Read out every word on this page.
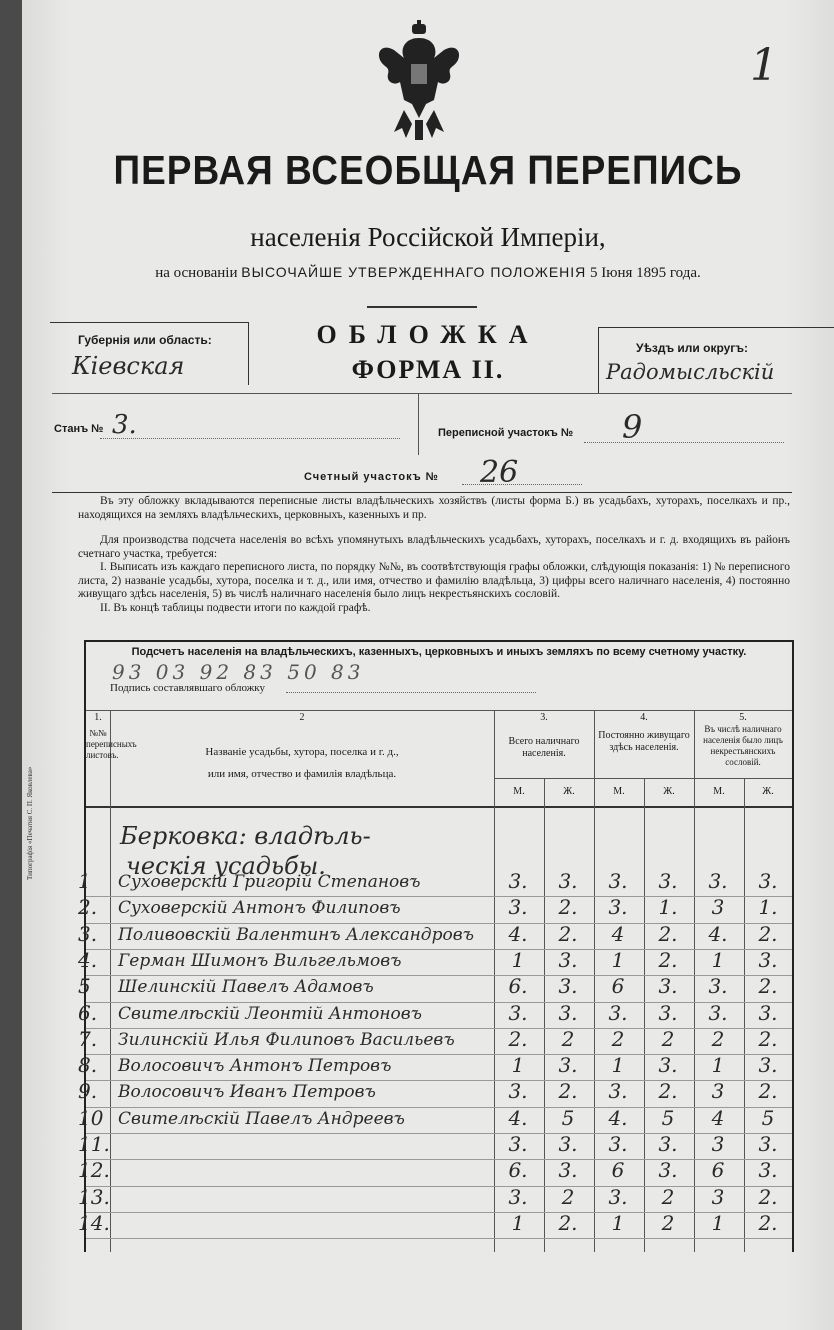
1
ПЕРВАЯ ВСЕОБЩАЯ ПЕРЕПИСЬ
населенія Россійской Имперіи,
на основаніи ВЫСОЧАЙШЕ УТВЕРЖДЕННАГО ПОЛОЖЕНІЯ 5 Іюня 1895 года.
ОБЛОЖКА
ФОРМА II.
Губернія или область:
Кіевская
Уѣздъ или округъ:
Радомысльскій
Станъ № 3.	Переписной участокъ № 9
Счетный участокъ № 26

Въ эту обложку вкладываются переписные листы владѣльческихъ хозяйствъ (листы форма Б.) въ усадьбахъ, хуторахъ, поселкахъ и пр., находящихся на земляхъ владѣльческихъ, церковныхъ, казенныхъ и пр.

Для производства подсчета населенія во всѣхъ упомянутыхъ владѣльческихъ усадьбахъ, хуторахъ, поселкахъ и г. д. входящихъ въ районъ счетнаго участка, требуется:

I. Выписать изъ каждаго переписного листа, по порядку №№, въ соотвѣтствующія графы обложки, слѣдующія показанія: 1) № переписного листа, 2) названіе усадьбы, хутора, поселка и т. д., или имя, отчество и фамилію владѣльца, 3) цифры всего наличнаго населенія, 4) постоянно живущаго здѣсь населенія, 5) въ числѣ наличнаго населенія было лицъ некрестьянскихъ сословій.

II. Въ концѣ таблицы подвести итоги по каждой графѣ.

Подсчетъ населенія на владѣльческихъ, казенныхъ, церковныхъ и иныхъ земляхъ по всему счетному участку.
93 03 92 83 50 83
Подпись составлявшаго обложку
1.
№№ переписныхъ листовъ.
2
Названіе усадьбы, хутора, поселка и г. д.,
или имя, отчество и фамилія владѣльца.
3.
Всего наличнаго населенія.
4.
Постоянно живущаго здѣсь населенія.
5.
Въ числѣ наличнаго населенія было лицъ некрестьянскихъ сословій.
М.	Ж.	М.	Ж.	М.	Ж.
Берковка: владѣль-
ческія усадьбы.
1 Суховерскій Григорій Степановъ	3.	3.	3.	3.	3.	3.
2. Суховерскій Антонъ Филиповъ	3.	2.	3.	1.	3	1.
3. Поливовскій Валентинъ Александровъ	4.	2.	4	2.	4.	2.
4. Герман Шимонъ Вильгельмовъ	1	3.	1	2.	1	3.
5 Шелинскій Павелъ Адамовъ	6.	3.	6	3.	3.	2.
6. Свителѣскій Леонтій Антоновъ	3.	3.	3.	3.	3.	3.
7. Зилинскій Илья Филиповъ Васильевъ	2.	2	2	2	2	2.
8. Волосовичъ Антонъ Петровъ	1	3.	1	3.	1	3.
9. Волосовичъ Иванъ Петровъ	3.	2.	3.	2.	3	2.
10 Свителѣскій Павелъ Андреевъ	4.	5	4.	5	4	5
11.	3.	3.	3.	3.	3	3.
12.	6.	3.	6	3.	6	3.
13.	3.	2	3.	2	3	2.
14.	1	2.	1	2	1	2.
Типографія «Печатня С. П. Яковлева»
